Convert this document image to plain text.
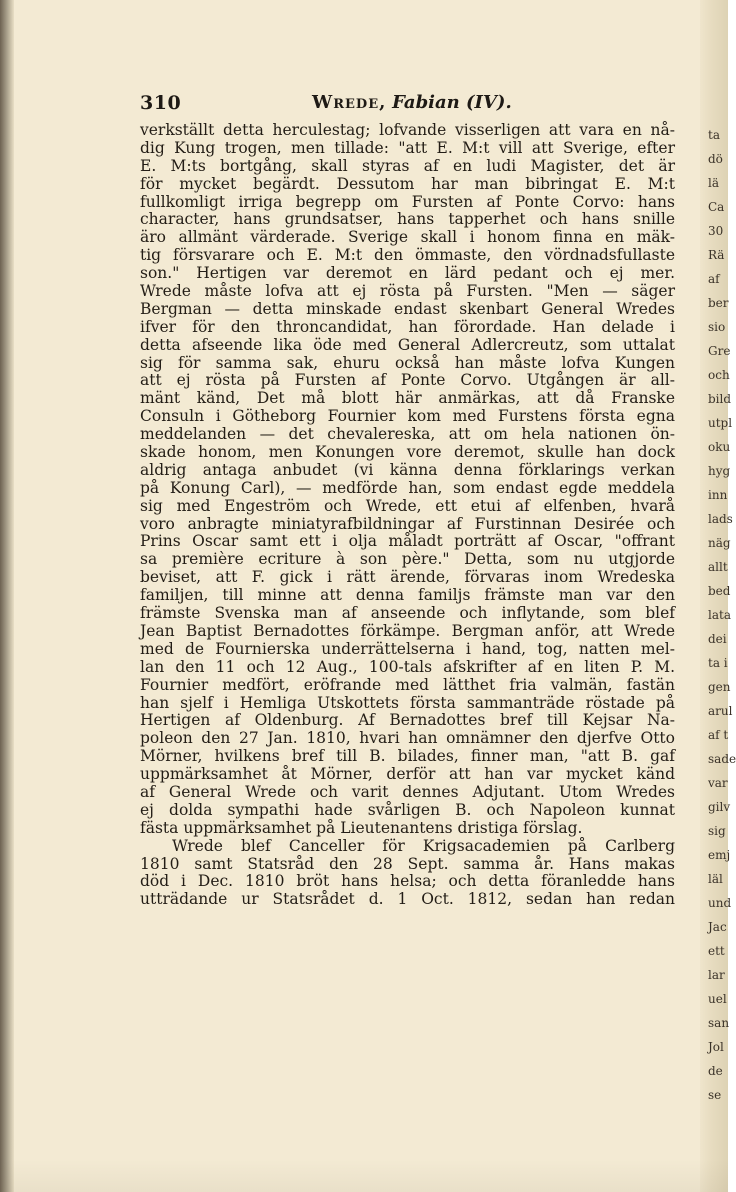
310	Wrede, Fabian (IV).
verkställt detta herculestag; lofvande visserligen att vara en nå-
dig Kung trogen, men tillade: "att E. M:t vill att Sverige, efter
E. M:ts bortgång, skall styras af en ludi Magister, det är
för mycket begärdt. Dessutom har man bibringat E. M:t
fullkomligt irriga begrepp om Fursten af Ponte Corvo: hans
character, hans grundsatser, hans tapperhet och hans snille
äro allmänt värderade. Sverige skall i honom finna en mäk-
tig försvarare och E. M:t den ömmaste, den vördnadsfullaste
son." Hertigen var deremot en lärd pedant och ej mer.
Wrede måste lofva att ej rösta på Fursten. "Men — säger
Bergman — detta minskade endast skenbart General Wredes
ifver för den throncandidat, han förordade. Han delade i
detta afseende lika öde med General Adlercreutz, som uttalat
sig för samma sak, ehuru också han måste lofva Kungen
att ej rösta på Fursten af Ponte Corvo. Utgången är all-
mänt känd, Det må blott här anmärkas, att då Franske
Consuln i Götheborg Fournier kom med Furstens första egna
meddelanden — det chevalereska, att om hela nationen ön-
skade honom, men Konungen vore deremot, skulle han dock
aldrig antaga anbudet (vi känna denna förklarings verkan
på Konung Carl), — medförde han, som endast egde meddela
sig med Engeström och Wrede, ett etui af elfenben, hvarå
voro anbragte miniatyrafbildningar af Furstinnan Desirée och
Prins Oscar samt ett i olja måladt porträtt af Oscar, "offrant
sa première ecriture à son père." Detta, som nu utgjorde
beviset, att F. gick i rätt ärende, förvaras inom Wredeska
familjen, till minne att denna familjs främste man var den
främste Svenska man af anseende och inflytande, som blef
Jean Baptist Bernadottes förkämpe. Bergman anför, att Wrede
med de Fournierska underrättelserna i hand, tog, natten mel-
lan den 11 och 12 Aug., 100-tals afskrifter af en liten P. M.
Fournier medfört, eröfrande med lätthet fria valmän, fastän
han sjelf i Hemliga Utskottets första sammanträde röstade på
Hertigen af Oldenburg. Af Bernadottes bref till Kejsar Na-
poleon den 27 Jan. 1810, hvari han omnämner den djerfve Otto
Mörner, hvilkens bref till B. bilades, finner man, "att B. gaf
uppmärksamhet åt Mörner, derför att han var mycket känd
af General Wrede och varit dennes Adjutant. Utom Wredes
ej dolda sympathi hade svårligen B. och Napoleon kunnat
fästa uppmärksamhet på Lieutenantens dristiga förslag.
Wrede blef Canceller för Krigsacademien på Carlberg
1810 samt Statsråd den 28 Sept. samma år. Hans makas
död i Dec. 1810 bröt hans helsa; och detta föranledde hans
utträdande ur Statsrådet d. 1 Oct. 1812, sedan han redan
ta
dö
lä
Ca
30
Rä
af
ber
sio
Gre
och
bild
utpl
oku
hyg
inn
lads
näg
allt
bed
lata
dei
ta i
gen
arul
af t
sade
var
gilv
sig
emj
läl
und
Jac
ett
lar
uel
san
Jol
de
se
